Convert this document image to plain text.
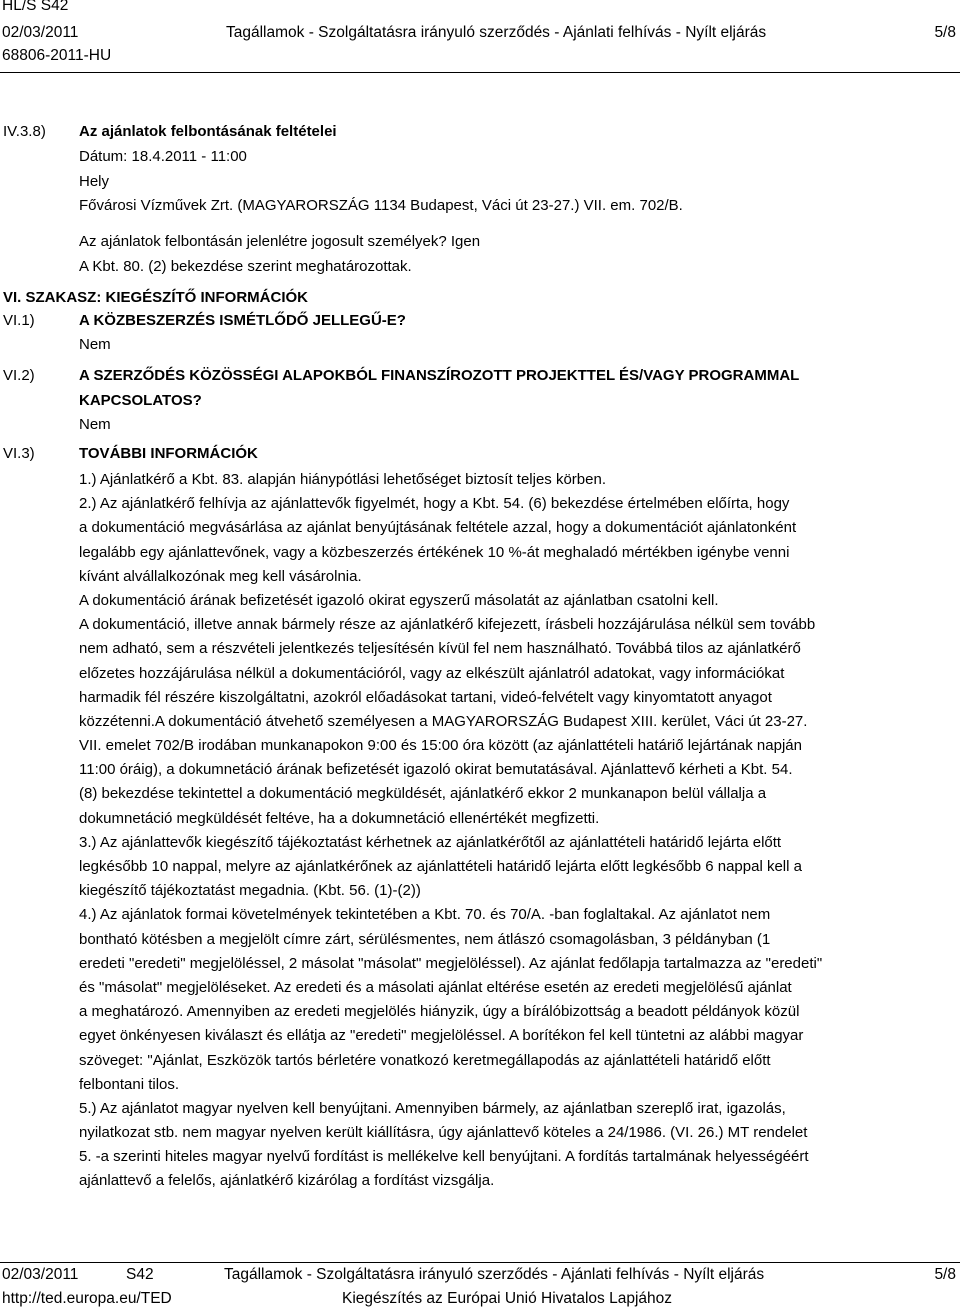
HL/S S42
02/03/2011
68806-2011-HU
Tagállamok - Szolgáltatásra irányuló szerződés - Ajánlati felhívás - Nyílt eljárás	5/8
IV.3.8) Az ajánlatok felbontásának feltételei
Dátum: 18.4.2011 - 11:00
Hely
Fővárosi Vízművek Zrt. (MAGYARORSZÁG 1134 Budapest, Váci út 23-27.) VII. em. 702/B.
Az ajánlatok felbontásán jelenlétre jogosult személyek? Igen
A Kbt. 80. (2) bekezdése szerint meghatározottak.
VI. SZAKASZ: KIEGÉSZÍTŐ INFORMÁCIÓK
VI.1)	A KÖZBESZERZÉS ISMÉTLŐDŐ JELLEGŰ-E?
Nem
VI.2)	A SZERZŐDÉS KÖZÖSSÉGI ALAPOKBÓL FINANSZÍROZOTT PROJEKTTEL ÉS/VAGY PROGRAMMAL
KAPCSOLATOS?
Nem
VI.3)	TOVÁBBI INFORMÁCIÓK
1.) Ajánlatkérő a Kbt. 83. alapján hiánypótlási lehetőséget biztosít teljes körben.
2.) Az ajánlatkérő felhívja az ajánlattevők figyelmét, hogy a Kbt. 54. (6) bekezdése értelmében előírta, hogy
a dokumentáció megvásárlása az ajánlat benyújtásának feltétele azzal, hogy a dokumentációt ajánlatonként
legalább egy ajánlattevőnek, vagy a közbeszerzés értékének 10 %-át meghaladó mértékben igénybe venni
kívánt alvállalkozónak meg kell vásárolnia.
A dokumentáció árának befizetését igazoló okirat egyszerű másolatát az ajánlatban csatolni kell.
A dokumentáció, illetve annak bármely része az ajánlatkérő kifejezett, írásbeli hozzájárulása nélkül sem tovább
nem adható, sem a részvételi jelentkezés teljesítésén kívül fel nem használható. Továbbá tilos az ajánlatkérő
előzetes hozzájárulása nélkül a dokumentációról, vagy az elkészült ajánlatról adatokat, vagy információkat
harmadik fél részére kiszolgáltatni, azokról előadásokat tartani, videó-felvételt vagy kinyomtatott anyagot
közzétenni.A dokumentáció átvehető személyesen a MAGYARORSZÁG Budapest XIII. kerület, Váci út 23-27.
VII. emelet 702/B irodában munkanapokon 9:00 és 15:00 óra között (az ajánlattételi határiő lejártának napján
11:00 óráig), a dokumnetáció árának befizetését igazoló okirat bemutatásával. Ajánlattevő kérheti a Kbt. 54.
(8) bekezdése tekintettel a dokumentáció megküldését, ajánlatkérő ekkor 2 munkanapon belül vállalja a
dokumnetáció megküldését feltéve, ha a dokumnetáció ellenértékét megfizetti.
3.) Az ajánlattevők kiegészítő tájékoztatást kérhetnek az ajánlatkérőtől az ajánlattételi határidő lejárta előtt
legkésőbb 10 nappal, melyre az ajánlatkérőnek az ajánlattételi határidő lejárta előtt legkésőbb 6 nappal kell a
kiegészítő tájékoztatást megadnia. (Kbt. 56. (1)-(2))
4.) Az ajánlatok formai követelmények tekintetében a Kbt. 70. és 70/A. -ban foglaltakal. Az ajánlatot nem
bontható kötésben a megjelölt címre zárt, sérülésmentes, nem átlászó csomagolásban, 3 példányban (1
eredeti "eredeti" megjelöléssel, 2 másolat "másolat" megjelöléssel). Az ajánlat fedőlapja tartalmazza az "eredeti"
és "másolat" megjelöléseket. Az eredeti és a másolati ajánlat eltérése esetén az eredeti megjelölésű ajánlat
a meghatározó. Amennyiben az eredeti megjelölés hiányzik, úgy a bírálóbizottság a beadott példányok közül
egyet önkényesen kiválaszt és ellátja az "eredeti" megjelöléssel. A borítékon fel kell tüntetni az alábbi magyar
szöveget: "Ajánlat, Eszközök tartós bérletére vonatkozó keretmegállapodás az ajánlattételi határidő előtt
felbontani tilos.
5.) Az ajánlatot magyar nyelven kell benyújtani. Amennyiben bármely, az ajánlatban szereplő irat, igazolás,
nyilatkozat stb. nem magyar nyelven került kiállításra, úgy ajánlattevő köteles a 24/1986. (VI. 26.) MT rendelet
5. -a szerinti hiteles magyar nyelvű fordítást is mellékelve kell benyújtani. A fordítás tartalmának helyességéért
ajánlattevő a felelős, ajánlatkérő kizárólag a fordítást vizsgálja.
02/03/2011	S42	Tagállamok - Szolgáltatásra irányuló szerződés - Ajánlati felhívás - Nyílt eljárás	5/8
http://ted.europa.eu/TED	Kiegészítés az Európai Unió Hivatalos Lapjához
